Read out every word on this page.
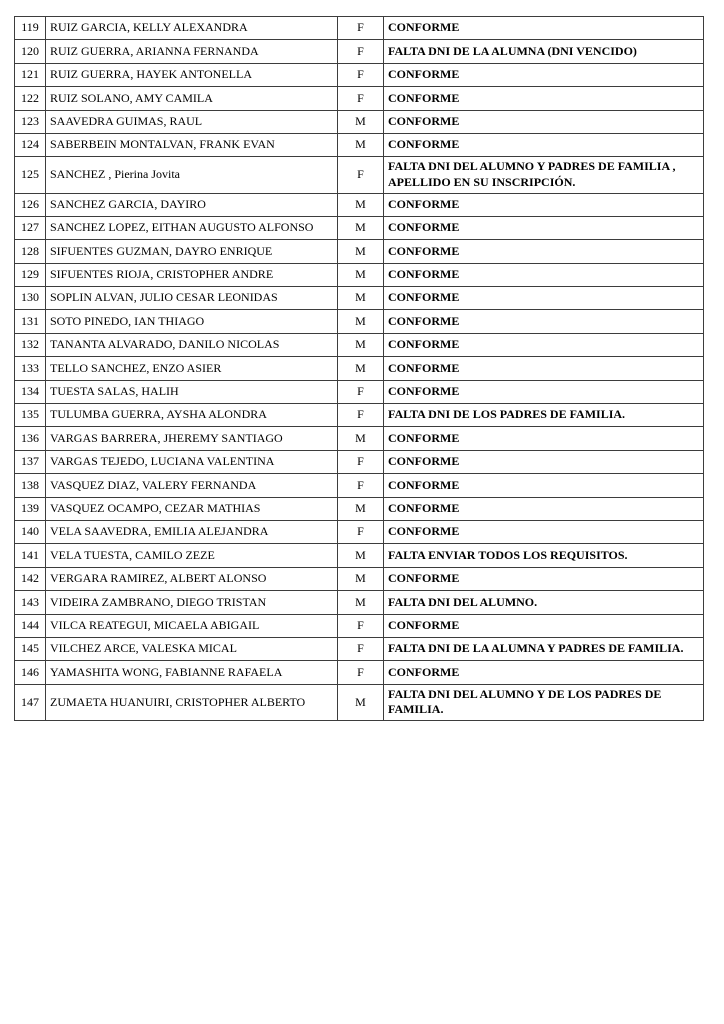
119	RUIZ GARCIA, KELLY ALEXANDRA	F	CONFORME
120	RUIZ GUERRA, ARIANNA FERNANDA	F	FALTA DNI DE LA ALUMNA (DNI VENCIDO)
121	RUIZ GUERRA, HAYEK ANTONELLA	F	CONFORME
122	RUIZ SOLANO, AMY CAMILA	F	CONFORME
123	SAAVEDRA GUIMAS, RAUL	M	CONFORME
124	SABERBEIN MONTALVAN, FRANK EVAN	M	CONFORME
125	SANCHEZ , Pierina Jovita	F	FALTA DNI DEL ALUMNO Y PADRES DE FAMILIA , APELLIDO EN SU INSCRIPCIÓN.
126	SANCHEZ GARCIA, DAYIRO	M	CONFORME
127	SANCHEZ LOPEZ, EITHAN AUGUSTO ALFONSO	M	CONFORME
128	SIFUENTES GUZMAN, DAYRO ENRIQUE	M	CONFORME
129	SIFUENTES RIOJA, CRISTOPHER ANDRE	M	CONFORME
130	SOPLIN ALVAN, JULIO CESAR LEONIDAS	M	CONFORME
131	SOTO PINEDO, IAN THIAGO	M	CONFORME
132	TANANTA ALVARADO, DANILO NICOLAS	M	CONFORME
133	TELLO SANCHEZ, ENZO ASIER	M	CONFORME
134	TUESTA SALAS, HALIH	F	CONFORME
135	TULUMBA GUERRA, AYSHA ALONDRA	F	FALTA DNI DE LOS PADRES DE FAMILIA.
136	VARGAS BARRERA, JHEREMY SANTIAGO	M	CONFORME
137	VARGAS TEJEDO, LUCIANA VALENTINA	F	CONFORME
138	VASQUEZ DIAZ, VALERY FERNANDA	F	CONFORME
139	VASQUEZ OCAMPO, CEZAR MATHIAS	M	CONFORME
140	VELA SAAVEDRA, EMILIA ALEJANDRA	F	CONFORME
141	VELA TUESTA, CAMILO ZEZE	M	FALTA ENVIAR TODOS LOS REQUISITOS.
142	VERGARA RAMIREZ, ALBERT ALONSO	M	CONFORME
143	VIDEIRA ZAMBRANO, DIEGO TRISTAN	M	FALTA DNI DEL ALUMNO.
144	VILCA REATEGUI, MICAELA ABIGAIL	F	CONFORME
145	VILCHEZ ARCE, VALESKA MICAL	F	FALTA DNI DE LA ALUMNA Y PADRES DE FAMILIA.
146	YAMASHITA WONG, FABIANNE RAFAELA	F	CONFORME
147	ZUMAETA HUANUIRI, CRISTOPHER ALBERTO	M	FALTA DNI DEL ALUMNO Y DE LOS PADRES DE FAMILIA.
